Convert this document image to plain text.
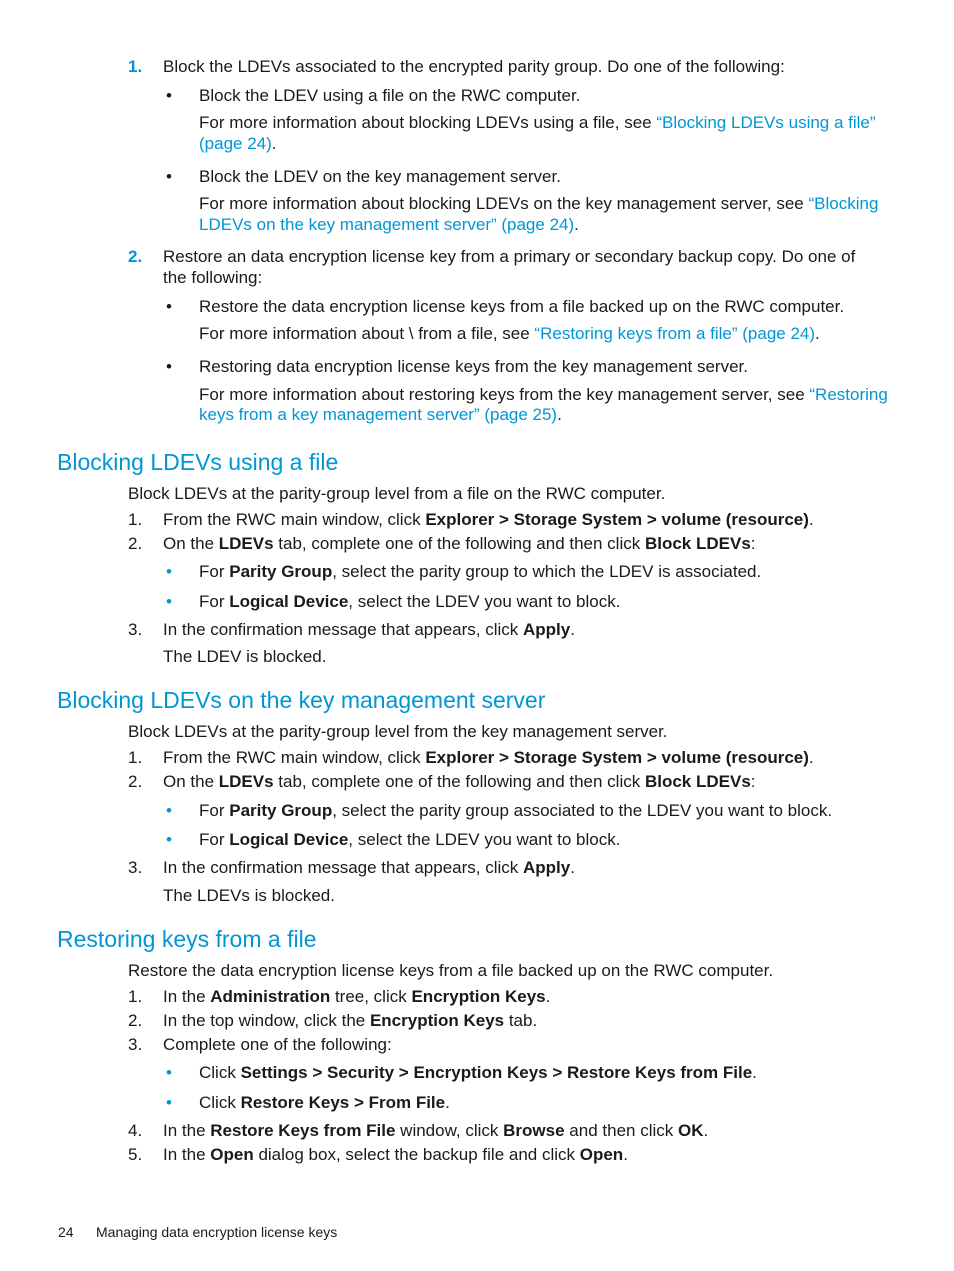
1. Block the LDEVs associated to the encrypted parity group. Do one of the following:
• Block the LDEV using a file on the RWC computer.
For more information about blocking LDEVs using a file, see “Blocking LDEVs using a file”
(page 24).
• Block the LDEV on the key management server.
For more information about blocking LDEVs on the key management server, see “Blocking
LDEVs on the key management server” (page 24).
2. Restore an data encryption license key from a primary or secondary backup copy. Do one of
the following:
• Restore the data encryption license keys from a file backed up on the RWC computer.
For more information about \ from a file, see “Restoring keys from a file” (page 24).
• Restoring data encryption license keys from the key management server.
For more information about restoring keys from the key management server, see “Restoring
keys from a key management server” (page 25).
Blocking LDEVs using a file
Block LDEVs at the parity-group level from a file on the RWC computer.
1. From the RWC main window, click Explorer > Storage System > volume (resource).
2. On the LDEVs tab, complete one of the following and then click Block LDEVs:
• For Parity Group, select the parity group to which the LDEV is associated.
• For Logical Device, select the LDEV you want to block.
3. In the confirmation message that appears, click Apply.
The LDEV is blocked.
Blocking LDEVs on the key management server
Block LDEVs at the parity-group level from the key management server.
1. From the RWC main window, click Explorer > Storage System > volume (resource).
2. On the LDEVs tab, complete one of the following and then click Block LDEVs:
• For Parity Group, select the parity group associated to the LDEV you want to block.
• For Logical Device, select the LDEV you want to block.
3. In the confirmation message that appears, click Apply.
The LDEVs is blocked.
Restoring keys from a file
Restore the data encryption license keys from a file backed up on the RWC computer.
1. In the Administration tree, click Encryption Keys.
2. In the top window, click the Encryption Keys tab.
3. Complete one of the following:
• Click Settings > Security > Encryption Keys > Restore Keys from File.
• Click Restore Keys > From File.
4. In the Restore Keys from File window, click Browse and then click OK.
5. In the Open dialog box, select the backup file and click Open.
24 Managing data encryption license keys
